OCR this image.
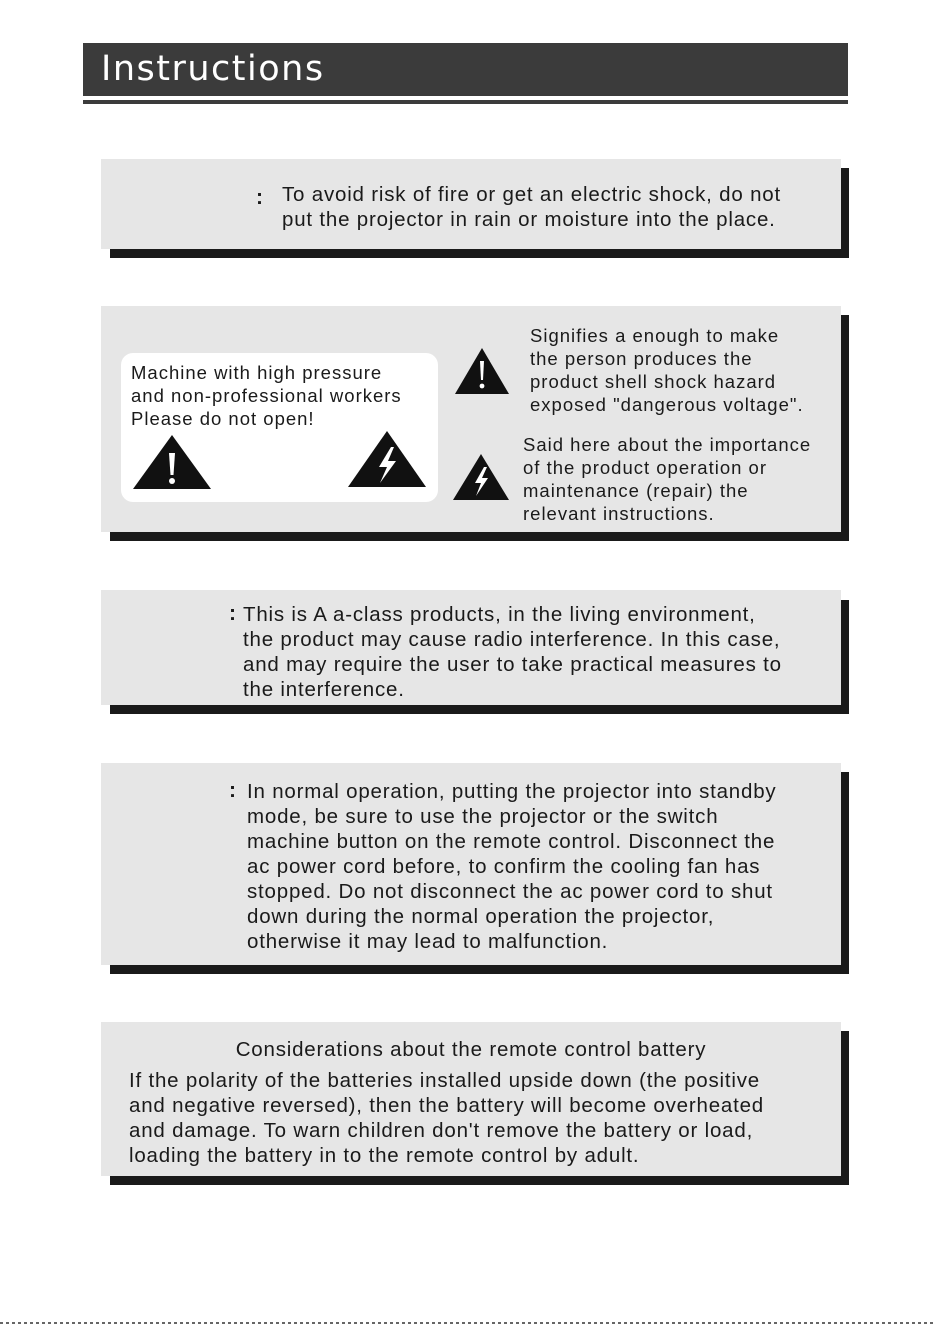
Instructions
: To avoid risk of fire or get an electric shock, do not
put the projector in rain or moisture into the place.
Machine with high pressure
and non-professional workers
Please do not open!
Signifies a enough to make
the person produces the
product shell shock hazard
exposed "dangerous voltage".
Said here about the importance
of the product operation or
maintenance (repair) the
relevant instructions.
: This is A a-class products, in the living environment,
the product may cause radio interference. In this case,
and may require the user to take practical measures to
the interference.
: In normal operation, putting the projector into standby
mode, be sure to use the projector or the switch
machine button on the remote control. Disconnect the
ac power cord before, to confirm the cooling fan has
stopped. Do not disconnect the ac power cord to shut
down during the normal operation the projector,
otherwise it may lead to malfunction.
Considerations about the remote control battery
If the polarity of the batteries installed upside down (the positive
and negative reversed), then the battery will become overheated
and damage. To warn children don't remove the battery or load,
loading the battery in to the remote control by adult.
